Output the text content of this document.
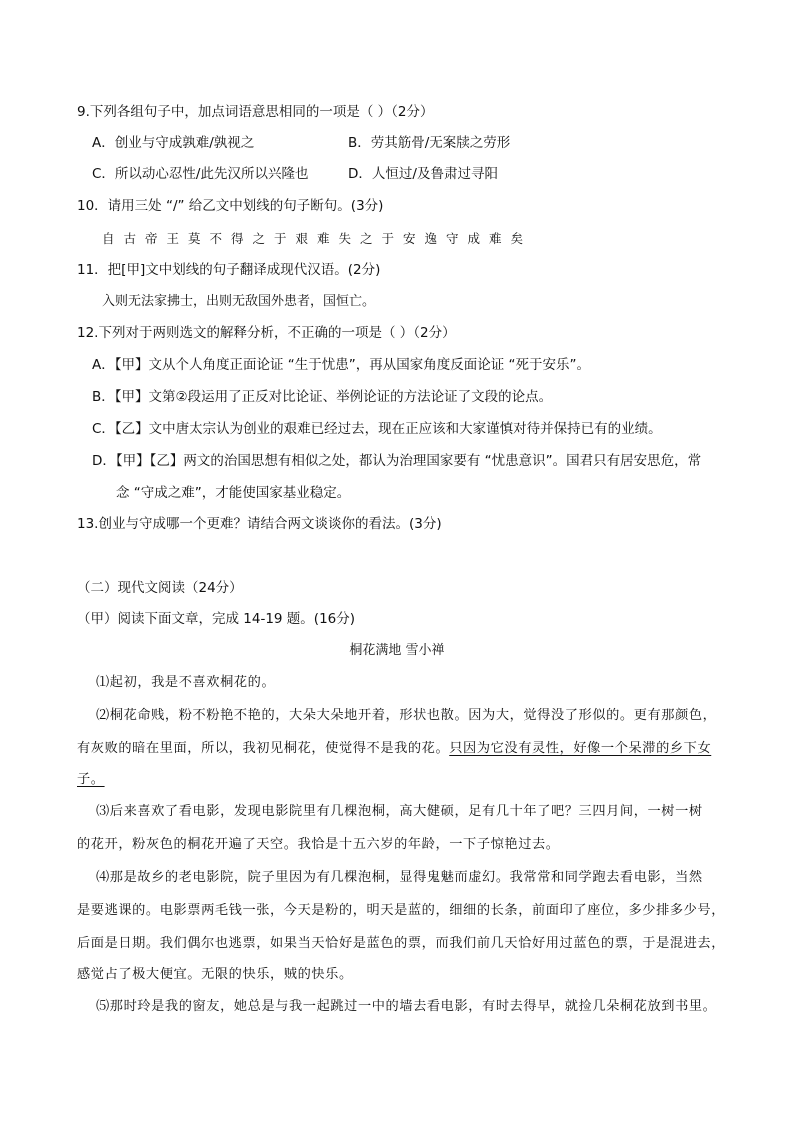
9.下列各组句子中，加点词语意思相同的一项是（ ）（2分）
A．创业与守成孰难/孰视之	B．劳其筋骨/无案牍之劳形
C．所以动心忍性/此先汉所以兴隆也	D．人恒过/及鲁肃过寻阳
10．请用三处 “/” 给乙文中划线的句子断句。(3分)
自古帝王莫不得之于艰难失之于安逸守成难矣
11．把[甲]文中划线的句子翻译成现代汉语。(2分)
入则无法家拂士，出则无敌国外患者，国恒亡。
12.下列对于两则选文的解释分析，不正确的一项是（ ）（2分）
A．【甲】文从个人角度正面论证 “生于忧患”，再从国家角度反面论证 “死于安乐”。
B．【甲】文第②段运用了正反对比论证、举例论证的方法论证了文段的论点。
C．【乙】文中唐太宗认为创业的艰难已经过去，现在正应该和大家谨慎对待并保持已有的业绩。
D．【甲】【乙】两文的治国思想有相似之处，都认为治理国家要有 “忧患意识”。国君只有居安思危，常
念 “守成之难”，才能使国家基业稳定。
13.创业与守成哪一个更难？请结合两文谈谈你的看法。(3分)
（二）现代文阅读（24分）
（甲）阅读下面文章，完成 14-19 题。(16分)
桐花满地 雪小禅
⑴起初，我是不喜欢桐花的。
⑵桐花命贱，粉不粉艳不艳的，大朵大朵地开着，形状也散。因为大，觉得没了形似的。更有那颜色，
有灰败的暗在里面，所以，我初见桐花，使觉得不是我的花。只因为它没有灵性，好像一个呆滞的乡下女
子。
⑶后来喜欢了看电影，发现电影院里有几棵泡桐，高大健硕，足有几十年了吧？三四月间，一树一树
的花开，粉灰色的桐花开遍了天空。我恰是十五六岁的年龄，一下子惊艳过去。
⑷那是故乡的老电影院，院子里因为有几棵泡桐，显得鬼魅而虚幻。我常常和同学跑去看电影，当然
是要逃课的。电影票两毛钱一张，今天是粉的，明天是蓝的，细细的长条，前面印了座位，多少排多少号，
后面是日期。我们偶尔也逃票，如果当天恰好是蓝色的票，而我们前几天恰好用过蓝色的票，于是混进去，
感觉占了极大便宜。无限的快乐，贼的快乐。
⑸那时玲是我的窗友，她总是与我一起跳过一中的墙去看电影，有时去得早，就捡几朵桐花放到书里。
